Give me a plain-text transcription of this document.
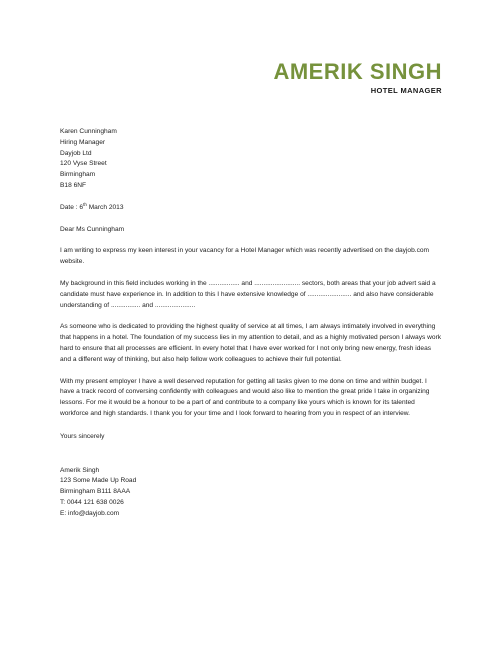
AMERIK SINGH
HOTEL MANAGER
Karen Cunningham
Hiring Manager
Dayjob Ltd
120 Vyse Street
Birmingham
B18 6NF

Date : 6th March 2013

Dear Ms Cunningham

I am writing to express my keen interest in your vacancy for a Hotel Manager which was recently advertised on the dayjob.com website.

My background in this field includes working in the ................. and ......................... sectors, both areas that your job advert said a candidate must have experience in. In addition to this I have extensive knowledge of ........................ and also have considerable understanding of ................ and ......................

As someone who is dedicated to providing the highest quality of service at all times, I am always intimately involved in everything that happens in a hotel. The foundation of my success lies in my attention to detail, and as a highly motivated person I always work hard to ensure that all processes are efficient. In every hotel that I have ever worked for I not only bring new energy, fresh ideas and a different way of thinking, but also help fellow work colleagues to achieve their full potential.

With my present employer I have a well deserved reputation for getting all tasks given to me done on time and within budget. I have a track record of conversing confidently with colleagues and would also like to mention the great pride I take in organizing lessons. For me it would be a honour to be a part of and contribute to a company like yours which is known for its talented workforce and high standards. I thank you for your time and I look forward to hearing from you in respect of an interview.

Yours sincerely

Amerik Singh
123 Some Made Up Road
Birmingham B111 8AAA
T: 0044 121 638 0026
E: info@dayjob.com
